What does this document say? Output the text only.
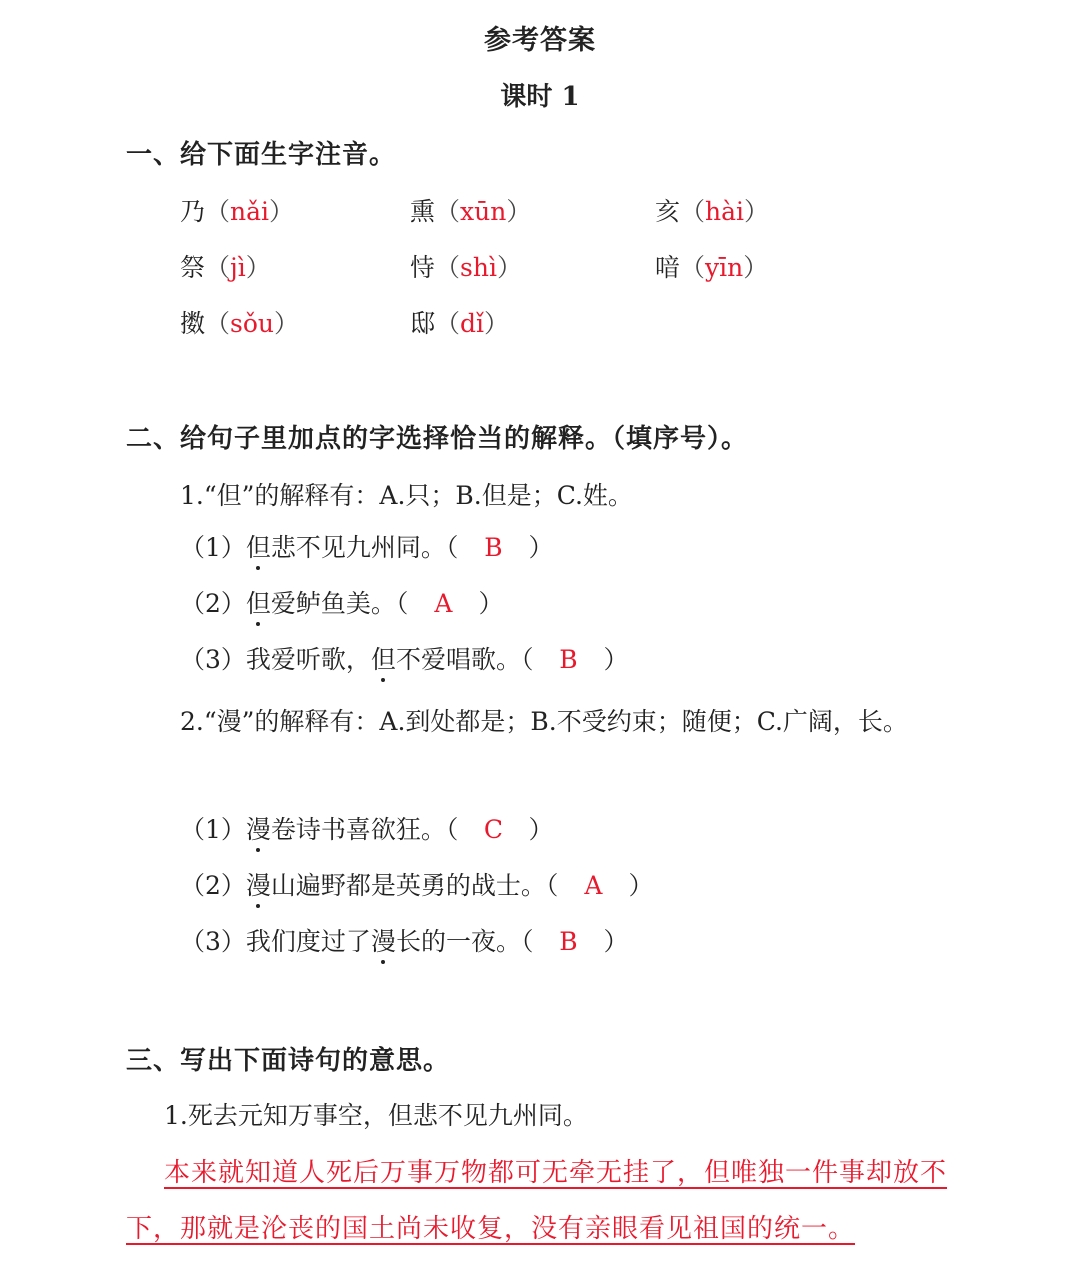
参考答案
课时 1
一、给下面生字注音。
乃（nǎi）	熏（xūn）	亥（hài）
祭（jì）	恃（shì）	喑（yīn）
擞（sǒu）	邸（dǐ）
二、给句子里加点的字选择恰当的解释。（填序号）。
1.“但”的解释有：A.只；B.但是；C.姓。
（1）但悲不见九州同。（ B ）
（2）但爱鲈鱼美。（ A ）
（3）我爱听歌，但不爱唱歌。（ B ）
2.“漫”的解释有：A.到处都是；B.不受约束；随便；C.广阔，长。
（1）漫卷诗书喜欲狂。（ C ）
（2）漫山遍野都是英勇的战士。（ A ）
（3）我们度过了漫长的一夜。（ B ）
三、写出下面诗句的意思。
1.死去元知万事空，但悲不见九州同。
本来就知道人死后万事万物都可无牵无挂了，但唯独一件事却放不
下，那就是沦丧的国土尚未收复，没有亲眼看见祖国的统一。
